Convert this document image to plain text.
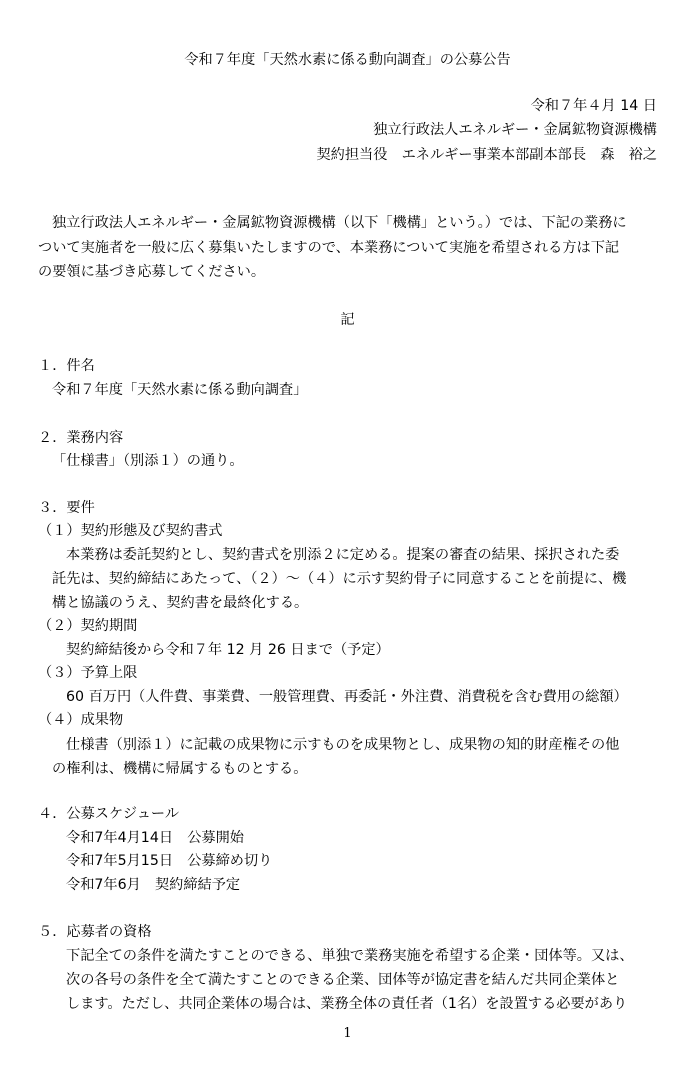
令和７年度「天然水素に係る動向調査」の公募公告
令和７年４月 14 日
独立行政法人エネルギー・金属鉱物資源機構
契約担当役　エネルギー事業本部副本部長　森　裕之
独立行政法人エネルギー・金属鉱物資源機構（以下「機構」という。）では、下記の業務に
ついて実施者を一般に広く募集いたしますので、本業務について実施を希望される方は下記
の要領に基づき応募してください。
記
１．件名
令和７年度「天然水素に係る動向調査」
２．業務内容
「仕様書」（別添１）の通り。
３．要件
（１）契約形態及び契約書式
本業務は委託契約とし、契約書式を別添２に定める。提案の審査の結果、採択された委
託先は、契約締結にあたって、（２）～（４）に示す契約骨子に同意することを前提に、機
構と協議のうえ、契約書を最終化する。
（２）契約期間
契約締結後から令和７年 12 月 26 日まで（予定）
（３）予算上限
60 百万円（人件費、事業費、一般管理費、再委託・外注費、消費税を含む費用の総額）
（４）成果物
仕様書（別添１）に記載の成果物に示すものを成果物とし、成果物の知的財産権その他
の権利は、機構に帰属するものとする。
４．公募スケジュール
令和7年4月14日　公募開始
令和7年5月15日　公募締め切り
令和7年6月　契約締結予定
５．応募者の資格
下記全ての条件を満たすことのできる、単独で業務実施を希望する企業・団体等。又は、
次の各号の条件を全て満たすことのできる企業、団体等が協定書を結んだ共同企業体と
します。ただし、共同企業体の場合は、業務全体の責任者（1名）を設置する必要があり
1
